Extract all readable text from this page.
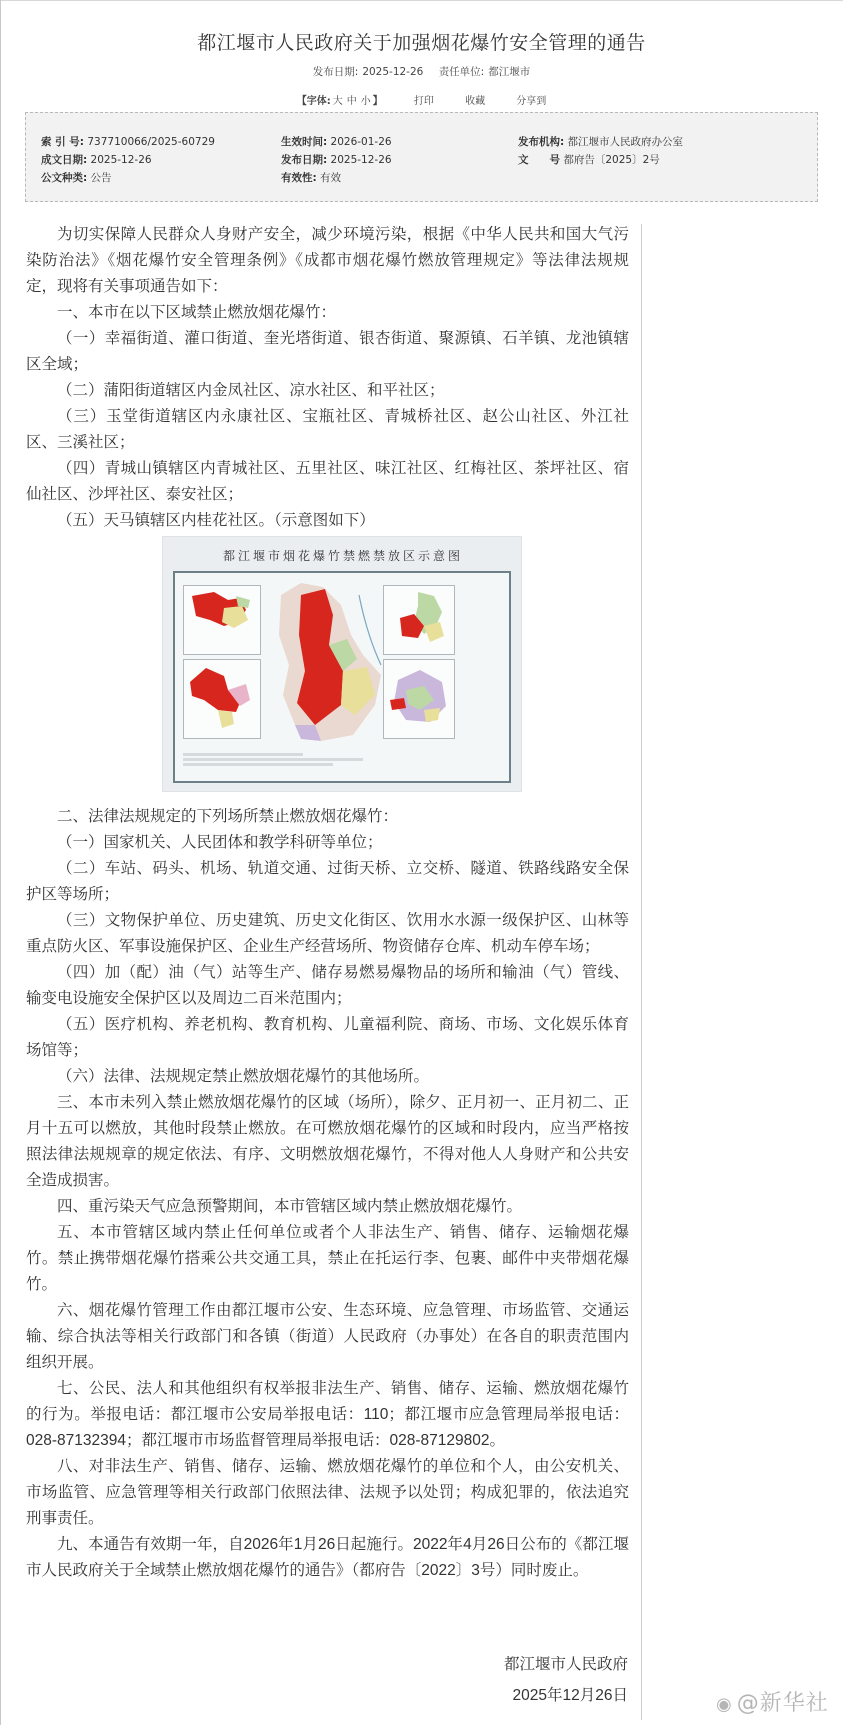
都江堰市人民政府关于加强烟花爆竹安全管理的通告
发布日期: 2025-12-26 责任单位: 都江堰市
【字体: 大 中 小 】	打印	收藏	分享到
索 引 号: 737710066/2025-60729	生效时间: 2026-01-26	发布机构: 都江堰市人民政府办公室
成文日期: 2025-12-26	发布日期: 2025-12-26	文　　号 都府告〔2025〕2号
公文种类: 公告	有效性: 有效

为切实保障人民群众人身财产安全，减少环境污染，根据《中华人民共和国大气污染防治法》《烟花爆竹安全管理条例》《成都市烟花爆竹燃放管理规定》等法律法规规定，现将有关事项通告如下：

一、本市在以下区域禁止燃放烟花爆竹：

（一）幸福街道、灌口街道、奎光塔街道、银杏街道、聚源镇、石羊镇、龙池镇辖区全域；

（二）蒲阳街道辖区内金凤社区、凉水社区、和平社区；

（三）玉堂街道辖区内永康社区、宝瓶社区、青城桥社区、赵公山社区、外江社区、三溪社区；

（四）青城山镇辖区内青城社区、五里社区、味江社区、红梅社区、茶坪社区、宿仙社区、沙坪社区、泰安社区；

（五）天马镇辖区内桂花社区。（示意图如下）

二、法律法规规定的下列场所禁止燃放烟花爆竹：

（一）国家机关、人民团体和教学科研等单位；

（二）车站、码头、机场、轨道交通、过街天桥、立交桥、隧道、铁路线路安全保护区等场所；

（三）文物保护单位、历史建筑、历史文化街区、饮用水水源一级保护区、山林等重点防火区、军事设施保护区、企业生产经营场所、物资储存仓库、机动车停车场；

（四）加（配）油（气）站等生产、储存易燃易爆物品的场所和输油（气）管线、输变电设施安全保护区以及周边二百米范围内；

（五）医疗机构、养老机构、教育机构、儿童福利院、商场、市场、文化娱乐体育场馆等；

（六）法律、法规规定禁止燃放烟花爆竹的其他场所。

三、本市未列入禁止燃放烟花爆竹的区域（场所），除夕、正月初一、正月初二、正月十五可以燃放，其他时段禁止燃放。在可燃放烟花爆竹的区域和时段内，应当严格按照法律法规规章的规定依法、有序、文明燃放烟花爆竹，不得对他人人身财产和公共安全造成损害。

四、重污染天气应急预警期间，本市管辖区域内禁止燃放烟花爆竹。

五、本市管辖区域内禁止任何单位或者个人非法生产、销售、储存、运输烟花爆竹。禁止携带烟花爆竹搭乘公共交通工具，禁止在托运行李、包裹、邮件中夹带烟花爆竹。

六、烟花爆竹管理工作由都江堰市公安、生态环境、应急管理、市场监管、交通运输、综合执法等相关行政部门和各镇（街道）人民政府（办事处）在各自的职责范围内组织开展。

七、公民、法人和其他组织有权举报非法生产、销售、储存、运输、燃放烟花爆竹的行为。举报电话：都江堰市公安局举报电话：110；都江堰市应急管理局举报电话：028-87132394；都江堰市市场监督管理局举报电话：028-87129802。

八、对非法生产、销售、储存、运输、燃放烟花爆竹的单位和个人，由公安机关、市场监管、应急管理等相关行政部门依照法律、法规予以处罚；构成犯罪的，依法追究刑事责任。

九、本通告有效期一年，自2026年1月26日起施行。2022年4月26日公布的《都江堰市人民政府关于全域禁止燃放烟花爆竹的通告》（都府告〔2022〕3号）同时废止。

都江堰市烟花爆竹禁燃禁放区示意图
都江堰市人民政府
2025年12月26日	◉ @新华社
